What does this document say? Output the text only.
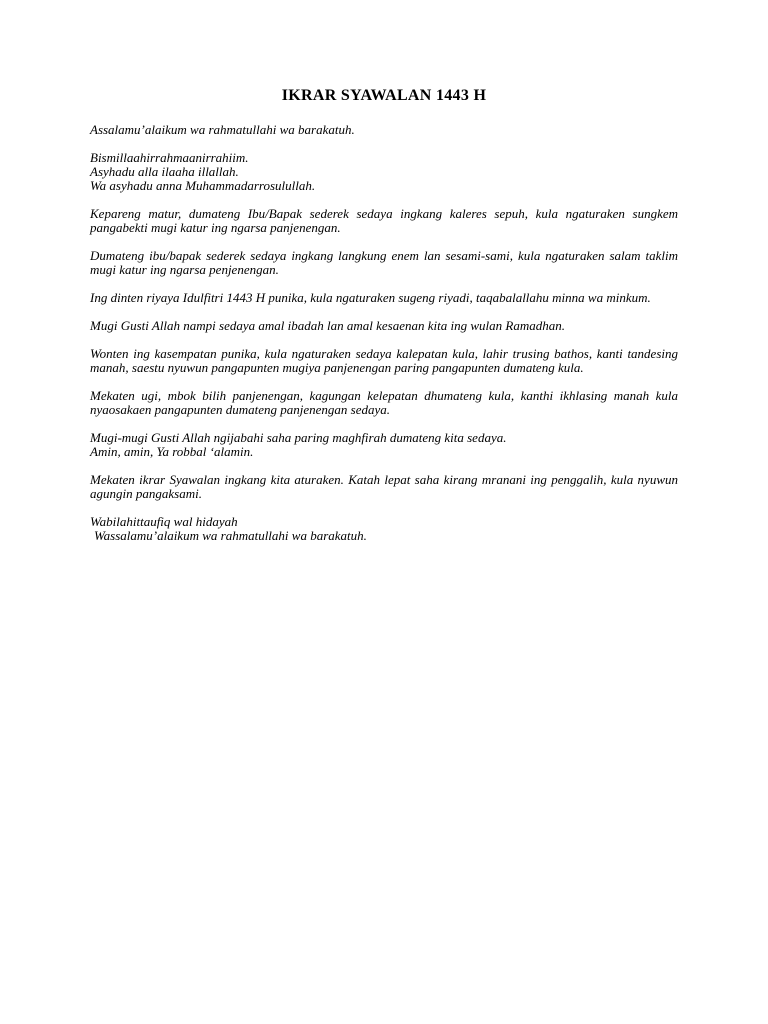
IKRAR SYAWALAN 1443 H

Assalamu’alaikum wa rahmatullahi wa barakatuh.

Bismillaahirrahmaanirrahiim.
Asyhadu alla ilaaha illallah.
Wa asyhadu anna Muhammadarrosulullah.

Kepareng matur, dumateng Ibu/Bapak sederek sedaya ingkang kaleres sepuh, kula ngaturaken sungkem pangabekti mugi katur ing ngarsa panjenengan.

Dumateng ibu/bapak sederek sedaya ingkang langkung enem lan sesami-sami, kula ngaturaken salam taklim mugi katur ing ngarsa penjenengan.

Ing dinten riyaya Idulfitri 1443 H punika, kula ngaturaken sugeng riyadi, taqabalallahu minna wa minkum.

Mugi Gusti Allah nampi sedaya amal ibadah lan amal kesaenan kita ing wulan Ramadhan.

Wonten ing kasempatan punika, kula ngaturaken sedaya kalepatan kula, lahir trusing bathos, kanti tandesing manah, saestu nyuwun pangapunten mugiya panjenengan paring pangapunten dumateng kula.

Mekaten ugi, mbok bilih panjenengan, kagungan kelepatan dhumateng kula, kanthi ikhlasing manah kula nyaosakaen pangapunten dumateng panjenengan sedaya.

Mugi-mugi Gusti Allah ngijabahi saha paring maghfirah dumateng kita sedaya.
Amin, amin, Ya robbal ‘alamin.

Mekaten ikrar Syawalan ingkang kita aturaken. Katah lepat saha kirang mranani ing penggalih, kula nyuwun agungin pangaksami.

Wabilahittaufiq wal hidayah
Wassalamu’alaikum wa rahmatullahi wa barakatuh.
